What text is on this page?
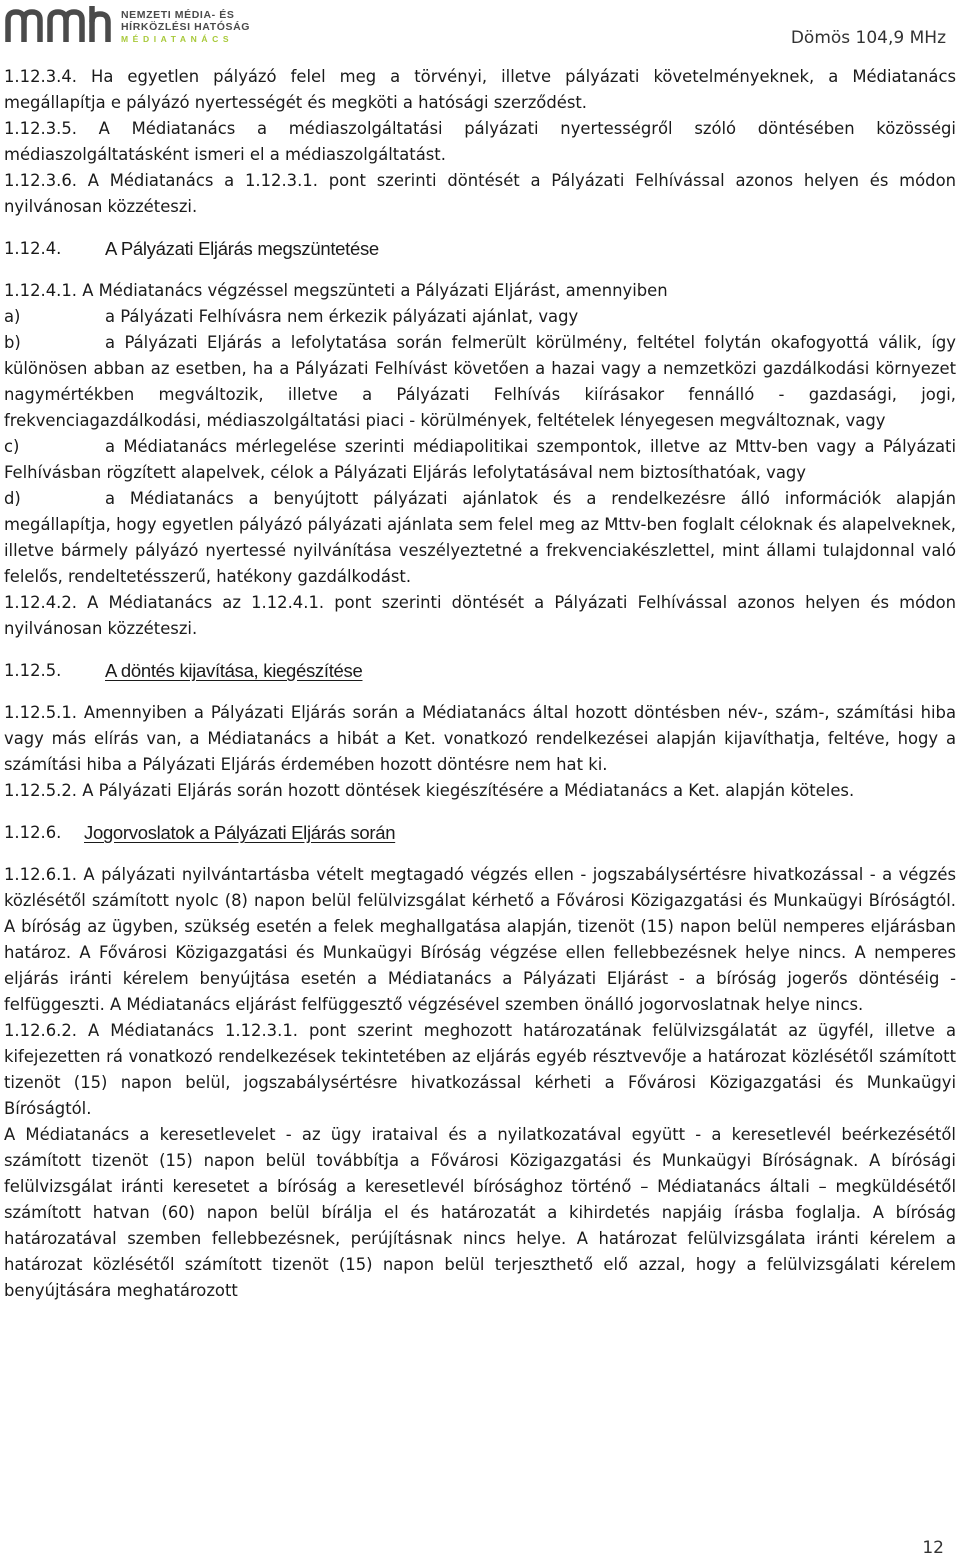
NEMZETI MÉDIA- ÉS
HÍRKÖZLÉSI HATÓSÁG
MÉDIATANÁCS	Dömös 104,9 MHz

1.12.3.4. Ha egyetlen pályázó felel meg a törvényi, illetve pályázati követelményeknek, a Médiatanács megállapítja e pályázó nyertességét és megköti a hatósági szerződést.

1.12.3.5. A Médiatanács a médiaszolgáltatási pályázati nyertességről szóló döntésében közösségi médiaszolgáltatásként ismeri el a médiaszolgáltatást.

1.12.3.6. A Médiatanács a 1.12.3.1. pont szerinti döntését a Pályázati Felhívással azonos helyen és módon nyilvánosan közzéteszi.

1.12.4.	A Pályázati Eljárás megszüntetése

1.12.4.1. A Médiatanács végzéssel megszünteti a Pályázati Eljárást, amennyiben

a)	a Pályázati Felhívásra nem érkezik pályázati ajánlat, vagy

b)	a Pályázati Eljárás a lefolytatása során felmerült körülmény, feltétel folytán okafogyottá válik, így különösen abban az esetben, ha a Pályázati Felhívást követően a hazai vagy a nemzetközi gazdálkodási környezet nagymértékben megváltozik, illetve a Pályázati Felhívás kiírásakor fennálló - gazdasági, jogi, frekvenciagazdálkodási, médiaszolgáltatási piaci - körülmények, feltételek lényegesen megváltoznak, vagy

c)	a Médiatanács mérlegelése szerinti médiapolitikai szempontok, illetve az Mttv-ben vagy a Pályázati Felhívásban rögzített alapelvek, célok a Pályázati Eljárás lefolytatásával nem biztosíthatóak, vagy

d)	a Médiatanács a benyújtott pályázati ajánlatok és a rendelkezésre álló információk alapján megállapítja, hogy egyetlen pályázó pályázati ajánlata sem felel meg az Mttv-ben foglalt céloknak és alapelveknek, illetve bármely pályázó nyertessé nyilvánítása veszélyeztetné a frekvenciakészlettel, mint állami tulajdonnal való felelős, rendeltetésszerű, hatékony gazdálkodást.

1.12.4.2. A Médiatanács az 1.12.4.1. pont szerinti döntését a Pályázati Felhívással azonos helyen és módon nyilvánosan közzéteszi.

1.12.5.	A döntés kijavítása, kiegészítése

1.12.5.1. Amennyiben a Pályázati Eljárás során a Médiatanács által hozott döntésben név-, szám-, számítási hiba vagy más elírás van, a Médiatanács a hibát a Ket. vonatkozó rendelkezései alapján kijavíthatja, feltéve, hogy a számítási hiba a Pályázati Eljárás érdemében hozott döntésre nem hat ki.

1.12.5.2. A Pályázati Eljárás során hozott döntések kiegészítésére a Médiatanács a Ket. alapján köteles.

1.12.6.	Jogorvoslatok a Pályázati Eljárás során

1.12.6.1. A pályázati nyilvántartásba vételt megtagadó végzés ellen - jogszabálysértésre hivatkozással - a végzés közlésétől számított nyolc (8) napon belül felülvizsgálat kérhető a Fővárosi Közigazgatási és Munkaügyi Bíróságtól. A bíróság az ügyben, szükség esetén a felek meghallgatása alapján, tizenöt (15) napon belül nemperes eljárásban határoz. A Fővárosi Közigazgatási és Munkaügyi Bíróság végzése ellen fellebbezésnek helye nincs. A nemperes eljárás iránti kérelem benyújtása esetén a Médiatanács a Pályázati Eljárást - a bíróság jogerős döntéséig - felfüggeszti. A Médiatanács eljárást felfüggesztő végzésével szemben önálló jogorvoslatnak helye nincs.

1.12.6.2. A Médiatanács 1.12.3.1. pont szerint meghozott határozatának felülvizsgálatát az ügyfél, illetve a kifejezetten rá vonatkozó rendelkezések tekintetében az eljárás egyéb résztvevője a határozat közlésétől számított tizenöt (15) napon belül, jogszabálysértésre hivatkozással kérheti a Fővárosi Közigazgatási és Munkaügyi Bíróságtól.

A Médiatanács a keresetlevelet - az ügy irataival és a nyilatkozatával együtt - a keresetlevél beérkezésétől számított tizenöt (15) napon belül továbbítja a Fővárosi Közigazgatási és Munkaügyi Bíróságnak. A bírósági felülvizsgálat iránti keresetet a bíróság a keresetlevél bírósághoz történő – Médiatanács általi – megküldésétől számított hatvan (60) napon belül bírálja el és határozatát a kihirdetés napjáig írásba foglalja. A bíróság határozatával szemben fellebbezésnek, perújításnak nincs helye. A határozat felülvizsgálata iránti kérelem a határozat közlésétől számított tizenöt (15) napon belül terjeszthető elő azzal, hogy a felülvizsgálati kérelem benyújtására meghatározott

12
